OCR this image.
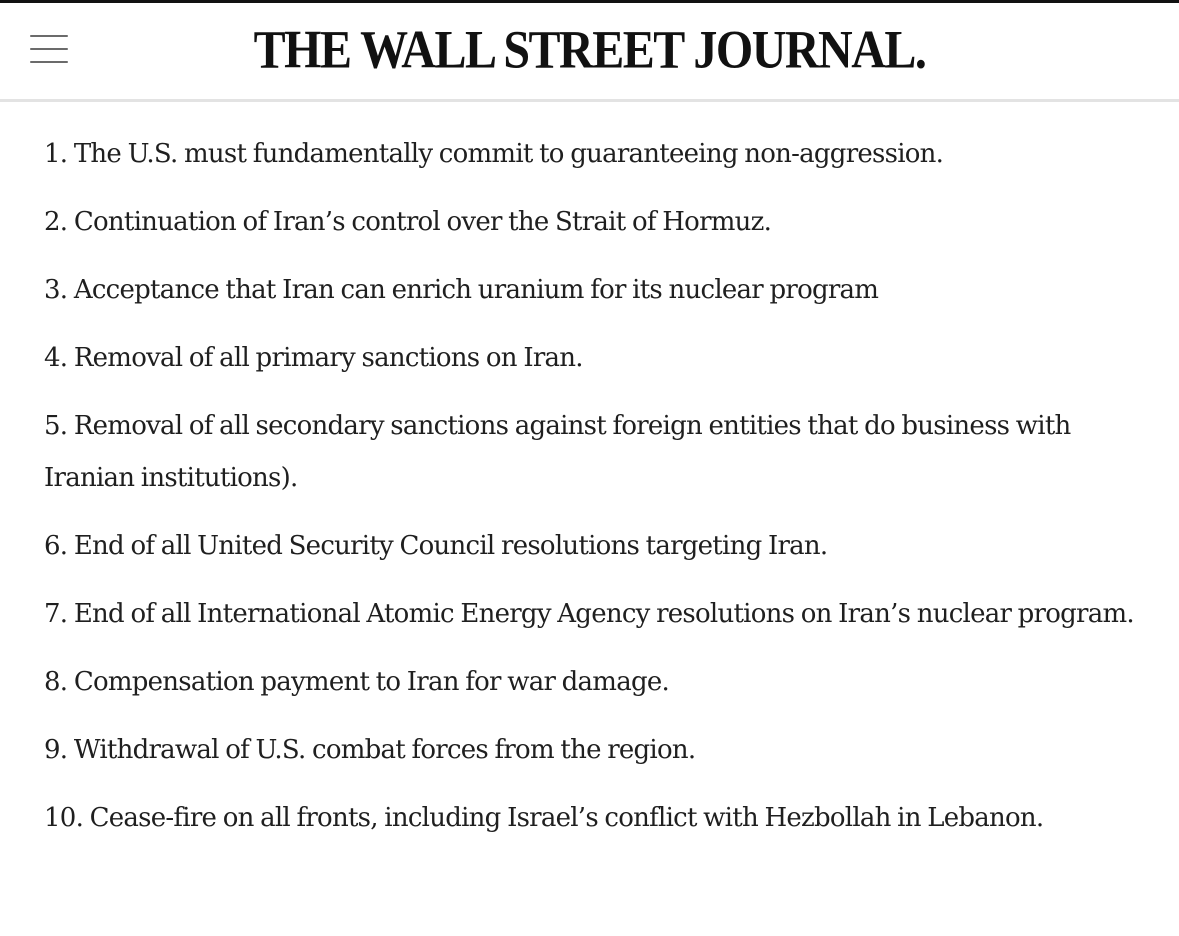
THE WALL STREET JOURNAL.

1. The U.S. must fundamentally commit to guaranteeing non-aggression.

2. Continuation of Iran’s control over the Strait of Hormuz.

3. Acceptance that Iran can enrich uranium for its nuclear program

4. Removal of all primary sanctions on Iran.

5. Removal of all secondary sanctions against foreign entities that do business with Iranian institutions).

6. End of all United Security Council resolutions targeting Iran.

7. End of all International Atomic Energy Agency resolutions on Iran’s nuclear program.

8. Compensation payment to Iran for war damage.

9. Withdrawal of U.S. combat forces from the region.

10. Cease-fire on all fronts, including Israel’s conflict with Hezbollah in Lebanon.
